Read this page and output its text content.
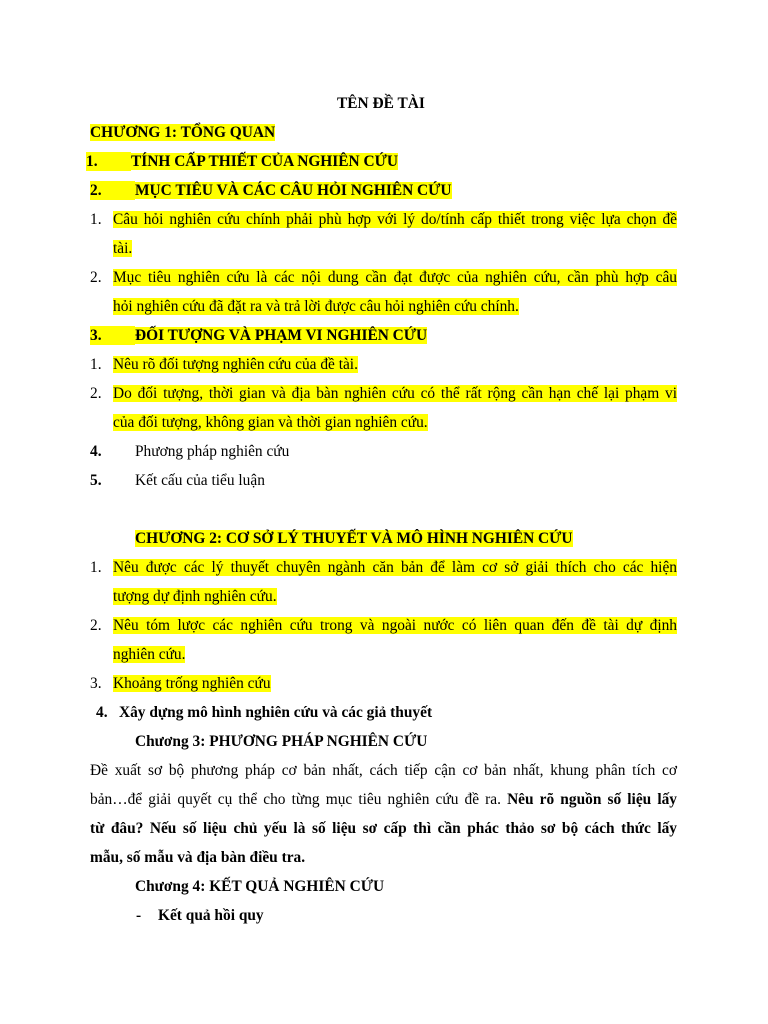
TÊN ĐỀ TÀI
CHƯƠNG 1: TỔNG QUAN
1. TÍNH CẤP THIẾT CỦA NGHIÊN CỨU
2. MỤC TIÊU VÀ CÁC CÂU HỎI NGHIÊN CỨU
1. Câu hỏi nghiên cứu chính phải phù hợp với lý do/tính cấp thiết trong việc lựa chọn đề
tài.
2. Mục tiêu nghiên cứu là các nội dung cần đạt được của nghiên cứu, cần phù hợp câu
hỏi nghiên cứu đã đặt ra và trả lời được câu hỏi nghiên cứu chính.
3. ĐỐI TƯỢNG VÀ PHẠM VI NGHIÊN CỨU
1. Nêu rõ đối tượng nghiên cứu của đề tài.
2. Do đối tượng, thời gian và địa bàn nghiên cứu có thể rất rộng cần hạn chế lại phạm vi
của đối tượng, không gian và thời gian nghiên cứu.
4. Phương pháp nghiên cứu
5. Kết cấu của tiểu luận
CHƯƠNG 2: CƠ SỞ LÝ THUYẾT VÀ MÔ HÌNH NGHIÊN CỨU
1. Nêu được các lý thuyết chuyên ngành căn bản để làm cơ sở giải thích cho các hiện
tượng dự định nghiên cứu.
2. Nêu tóm lược các nghiên cứu trong và ngoài nước có liên quan đến đề tài dự định
nghiên cứu.
3. Khoảng trống nghiên cứu
4. Xây dựng mô hình nghiên cứu và các giả thuyết
Chương 3: PHƯƠNG PHÁP NGHIÊN CỨU
Đề xuất sơ bộ phương pháp cơ bản nhất, cách tiếp cận cơ bản nhất, khung phân tích cơ
bản…để giải quyết cụ thể cho từng mục tiêu nghiên cứu đề ra. Nêu rõ nguồn số liệu lấy
từ đâu? Nếu số liệu chủ yếu là số liệu sơ cấp thì cần phác thảo sơ bộ cách thức lấy
mẫu, số mẫu và địa bàn điều tra.
Chương 4: KẾT QUẢ NGHIÊN CỨU
- Kết quả hồi quy
